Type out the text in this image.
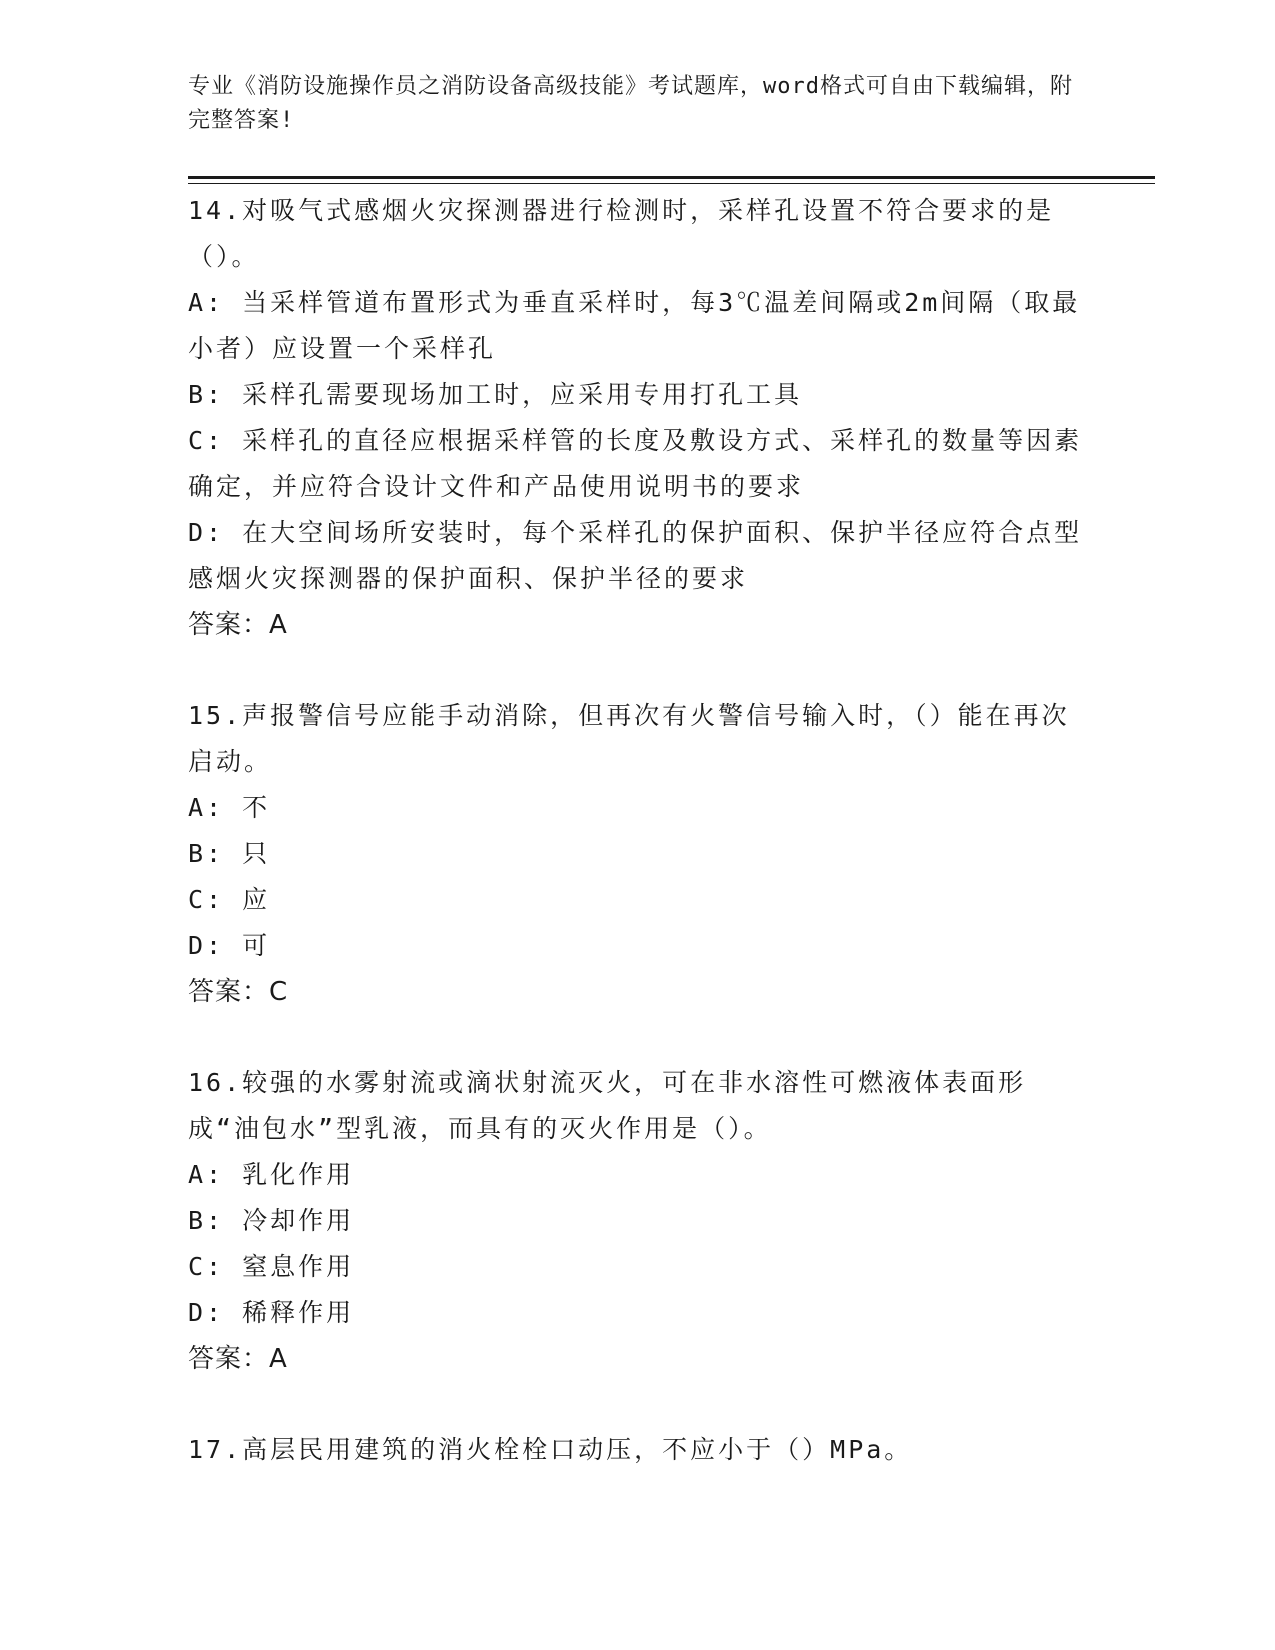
专业《消防设施操作员之消防设备高级技能》考试题库，word格式可自由下载编辑，附完整答案!
14.对吸气式感烟火灾探测器进行检测时，采样孔设置不符合要求的是（）。
A: 当采样管道布置形式为垂直采样时，每3℃温差间隔或2m间隔（取最小者）应设置一个采样孔
B: 采样孔需要现场加工时，应采用专用打孔工具
C: 采样孔的直径应根据采样管的长度及敷设方式、采样孔的数量等因素确定，并应符合设计文件和产品使用说明书的要求
D: 在大空间场所安装时，每个采样孔的保护面积、保护半径应符合点型感烟火灾探测器的保护面积、保护半径的要求
答案：A
15.声报警信号应能手动消除，但再次有火警信号输入时，（）能在再次启动。
A: 不
B: 只
C: 应
D: 可
答案：C
16.较强的水雾射流或滴状射流灭火，可在非水溶性可燃液体表面形成“油包水”型乳液，而具有的灭火作用是（）。
A: 乳化作用
B: 冷却作用
C: 窒息作用
D: 稀释作用
答案：A
17.高层民用建筑的消火栓栓口动压，不应小于（）MPa。
